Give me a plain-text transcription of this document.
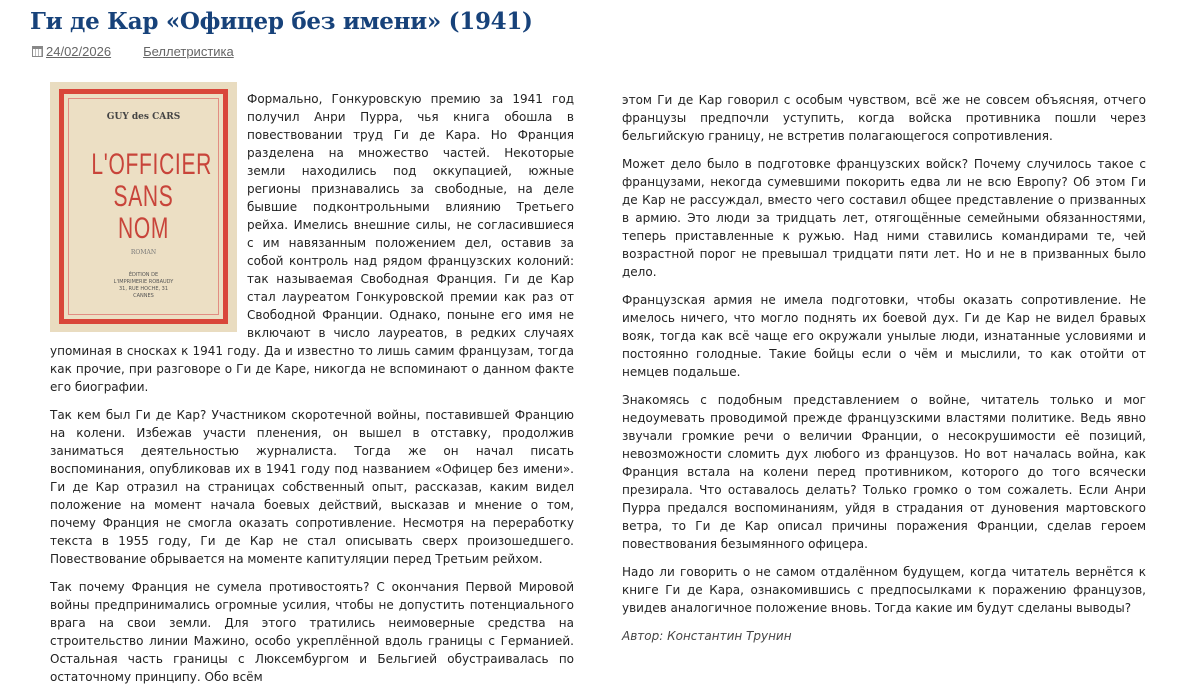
Ги де Кар «Офицер без имени» (1941)
24/02/2026 Беллетристика
GUY des CARS
L'OFFICIER
SANS NOM
ROMAN
ÉDITION DE
L'IMPRIMERIE ROBAUDY
31, RUE HOCHE, 31
CANNES

Формально, Гонкуровскую премию за 1941 год получил Анри Пурра, чья книга обошла в повествовании труд Ги де Кара. Но Франция разделена на множество частей. Некоторые земли находились под оккупацией, южные регионы признавались за свободные, на деле бывшие подконтрольными влиянию Третьего рейха. Имелись внешние силы, не согласившиеся с им навязанным положением дел, оставив за собой контроль над рядом французских колоний: так называемая Свободная Франция. Ги де Кар стал лауреатом Гонкуровской премии как раз от Свободной Франции. Однако, поныне его имя не включают в число лауреатов, в редких случаях упоминая в сносках к 1941 году. Да и известно то лишь самим французам, тогда как прочие, при разговоре о Ги де Каре, никогда не вспоминают о данном факте его биографии.

Так кем был Ги де Кар? Участником скоротечной войны, поставившей Францию на колени. Избежав участи пленения, он вышел в отставку, продолжив заниматься деятельностью журналиста. Тогда же он начал писать воспоминания, опубликовав их в 1941 году под названием «Офицер без имени». Ги де Кар отразил на страницах собственный опыт, рассказав, каким видел положение на момент начала боевых действий, высказав и мнение о том, почему Франция не смогла оказать сопротивление. Несмотря на переработку текста в 1955 году, Ги де Кар не стал описывать сверх произошедшего. Повествование обрывается на моменте капитуляции перед Третьим рейхом.

Так почему Франция не сумела противостоять? С окончания Первой Мировой войны предпринимались огромные усилия, чтобы не допустить потенциального врага на свои земли. Для этого тратились неимоверные средства на строительство линии Мажино, особо укреплённой вдоль границы с Германией. Остальная часть границы с Люксембургом и Бельгией обустраивалась по остаточному принципу. Обо всём

этом Ги де Кар говорил с особым чувством, всё же не совсем объясняя, отчего французы предпочли уступить, когда войска противника пошли через бельгийскую границу, не встретив полагающегося сопротивления.

Может дело было в подготовке французских войск? Почему случилось такое с французами, некогда сумевшими покорить едва ли не всю Европу? Об этом Ги де Кар не рассуждал, вместо чего составил общее представление о призванных в армию. Это люди за тридцать лет, отягощённые семейными обязанностями, теперь приставленные к ружью. Над ними ставились командирами те, чей возрастной порог не превышал тридцати пяти лет. Но и не в призванных было дело.

Французская армия не имела подготовки, чтобы оказать сопротивление. Не имелось ничего, что могло поднять их боевой дух. Ги де Кар не видел бравых вояк, тогда как всё чаще его окружали унылые люди, изнатанные условиями и постоянно голодные. Такие бойцы если о чём и мыслили, то как отойти от немцев подальше.

Знакомясь с подобным представлением о войне, читатель только и мог недоумевать проводимой прежде французскими властями политике. Ведь явно звучали громкие речи о величии Франции, о несокрушимости её позиций, невозможности сломить дух любого из французов. Но вот началась война, как Франция встала на колени перед противником, которого до того всячески презирала. Что оставалось делать? Только громко о том сожалеть. Если Анри Пурра предался воспоминаниям, уйдя в страдания от дуновения мартовского ветра, то Ги де Кар описал причины поражения Франции, сделав героем повествования безымянного офицера.

Надо ли говорить о не самом отдалённом будущем, когда читатель вернётся к книге Ги де Кара, ознакомившись с предпосылками к поражению французов, увидев аналогичное положение вновь. Тогда какие им будут сделаны выводы?

Автор: Константин Трунин
